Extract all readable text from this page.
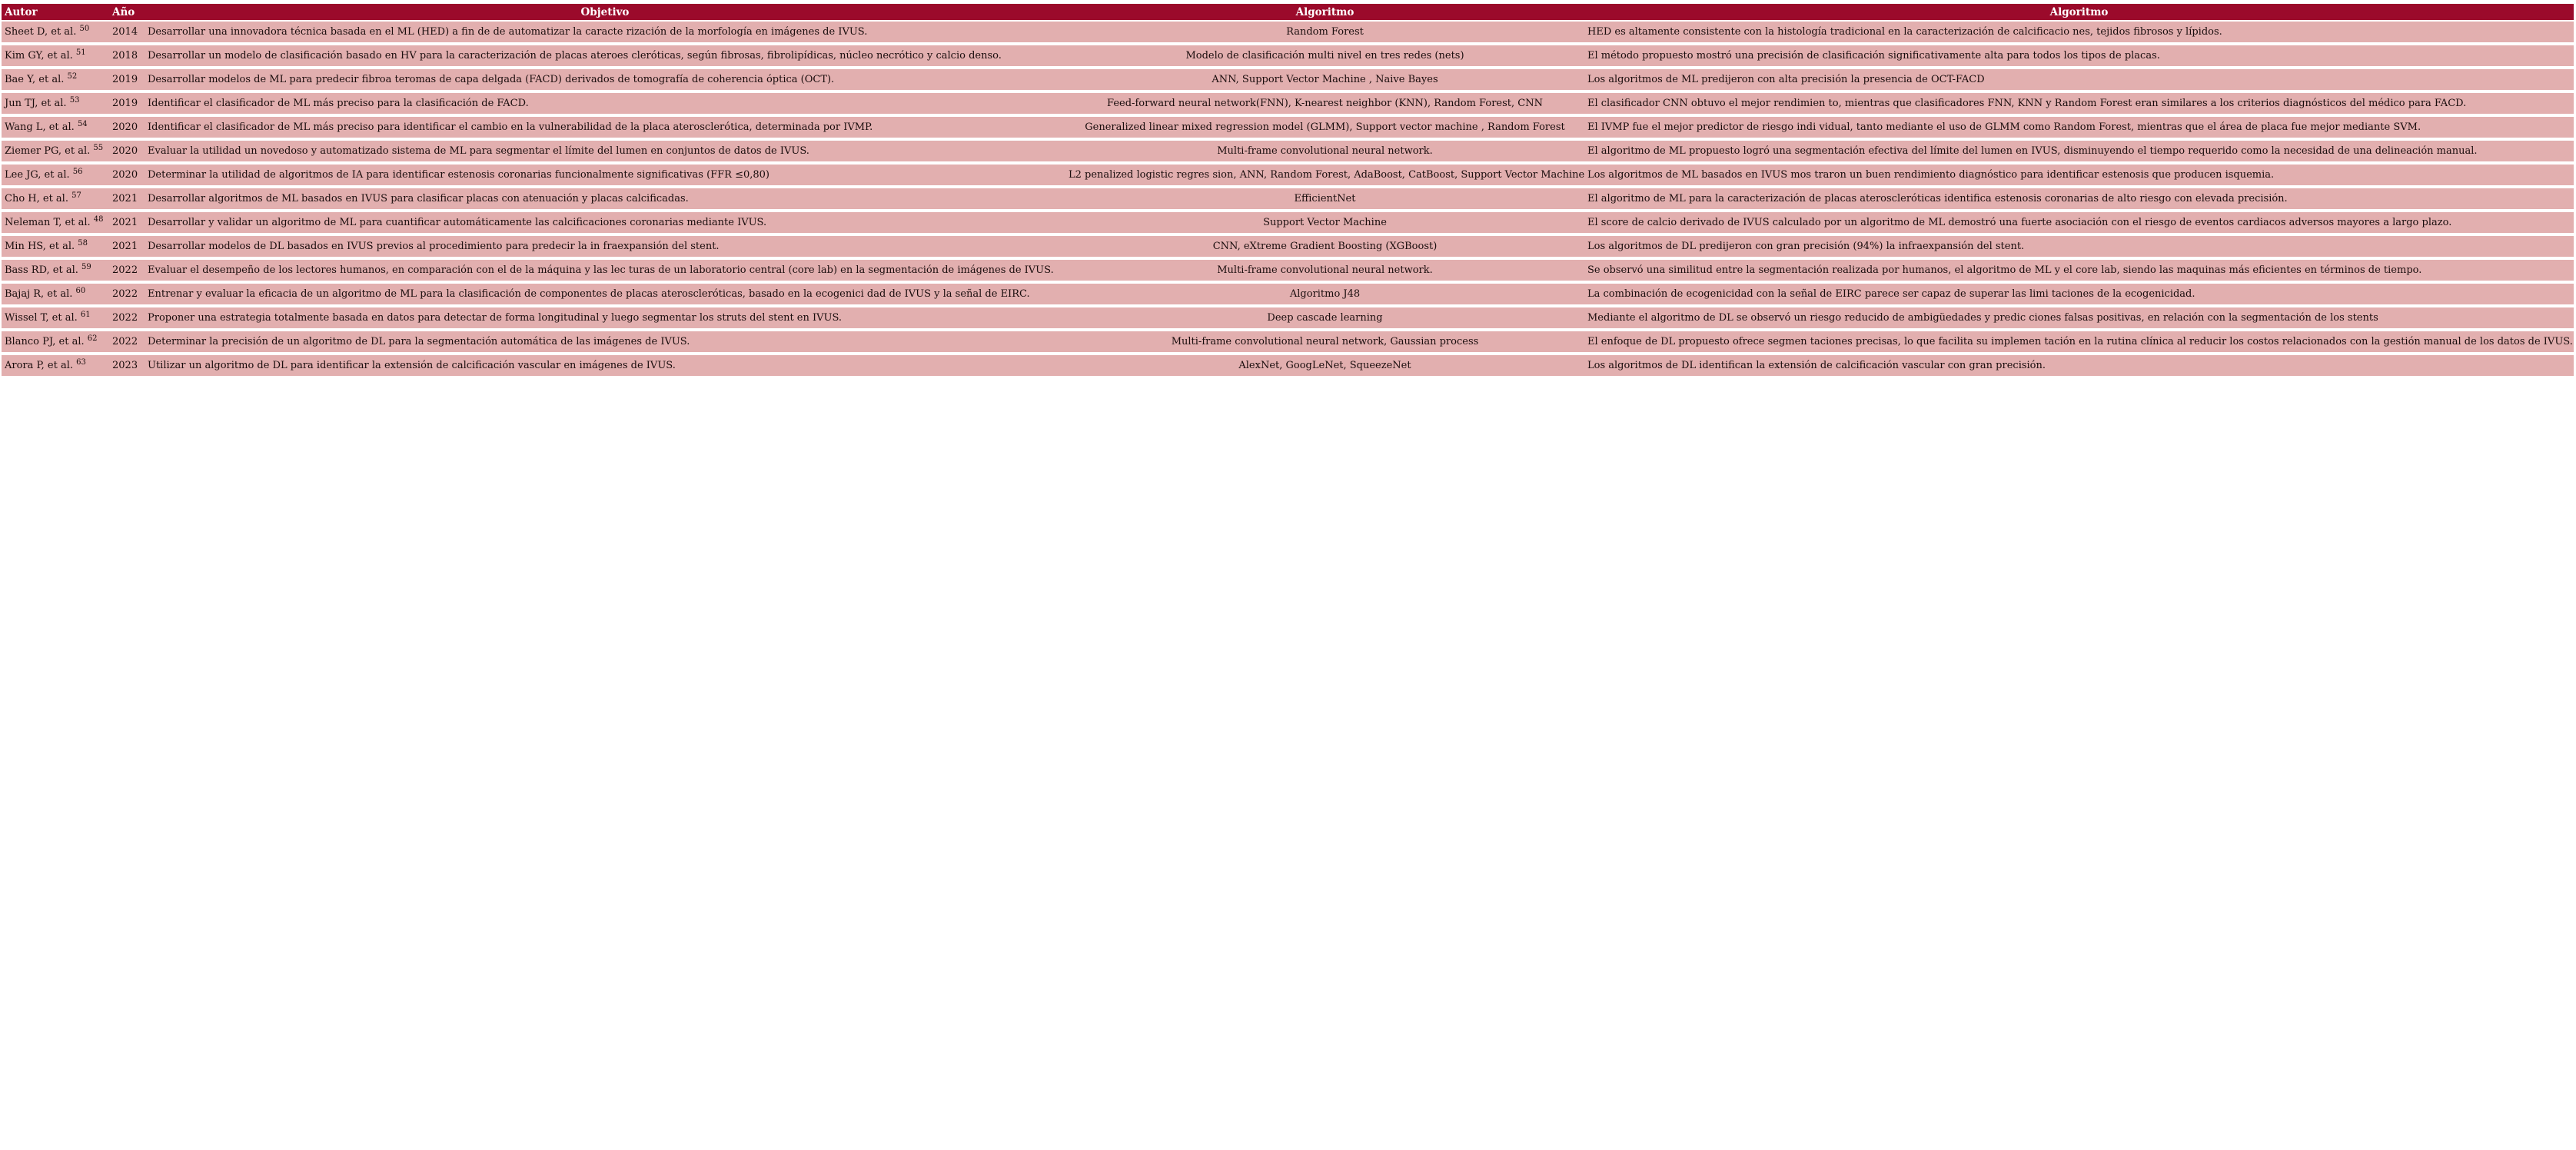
Autor	Año	Objetivo	Algoritmo	Algoritmo
Sheet D, et al. $^{50}$	2014	Desarrollar una innovadora técnica basada en el ML (HED) a fin de de automatizar la caracte rización de la morfología en imágenes de IVUS.	Random Forest	HED es altamente consistente con la histología tradicional en la caracterización de calcificacio nes, tejidos fibrosos y lípidos.
Kim GY, et al. $^{51}$	2018	Desarrollar un modelo de clasificación basado en HV para la caracterización de placas ateroes cleróticas, según fibrosas, fibrolipídicas, núcleo necrótico y calcio denso.	Modelo de clasificación multi nivel en tres redes (nets)	El método propuesto mostró una precisión de clasificación significativamente alta para todos los tipos de placas.
Bae Y, et al. $^{52}$	2019	Desarrollar modelos de ML para predecir fibroa teromas de capa delgada (FACD) derivados de tomografía de coherencia óptica (OCT).	ANN, Support Vector Machine , Naive Bayes	Los algoritmos de ML predijeron con alta precisión la presencia de OCT-FACD
Jun TJ, et al. $^{53}$	2019	Identificar el clasificador de ML más preciso para la clasificación de FACD.	Feed-forward neural network(FNN), K-nearest neighbor (KNN), Random Forest, CNN	El clasificador CNN obtuvo el mejor rendimien to, mientras que clasificadores FNN, KNN y Random Forest eran similares a los criterios diagnósticos del médico para FACD.
Wang L, et al. $^{54}$	2020	Identificar el clasificador de ML más preciso para identificar el cambio en la vulnerabilidad de la placa aterosclerótica, determinada por IVMP.	Generalized linear mixed regression model (GLMM), Support vector machine , Random Forest	El IVMP fue el mejor predictor de riesgo indi vidual, tanto mediante el uso de GLMM como Random Forest, mientras que el área de placa fue mejor mediante SVM.
Ziemer PG, et al. $^{55}$	2020	Evaluar la utilidad un novedoso y automatizado sistema de ML para segmentar el límite del lumen en conjuntos de datos de IVUS.	Multi-frame convolutional neural network.	El algoritmo de ML propuesto logró una segmentación efectiva del límite del lumen en IVUS, disminuyendo el tiempo requerido como la necesidad de una delineación manual.
Lee JG, et al. $^{56}$	2020	Determinar la utilidad de algoritmos de IA para identificar estenosis coronarias funcionalmente significativas (FFR ≤0,80)	L2 penalized logistic regres sion, ANN, Random Forest, AdaBoost, CatBoost, Support Vector Machine	Los algoritmos de ML basados en IVUS mos traron un buen rendimiento diagnóstico para identificar estenosis que producen isquemia.
Cho H, et al. $^{57}$	2021	Desarrollar algoritmos de ML basados en IVUS para clasificar placas con atenuación y placas calcificadas.	EfficientNet	El algoritmo de ML para la caracterización de placas ateroscleróticas identifica estenosis coronarias de alto riesgo con elevada precisión.
Neleman T, et al. $^{48}$	2021	Desarrollar y validar un algoritmo de ML para cuantificar automáticamente las calcificaciones coronarias mediante IVUS.	Support Vector Machine	El score de calcio derivado de IVUS calculado por un algoritmo de ML demostró una fuerte asociación con el riesgo de eventos cardiacos adversos mayores a largo plazo.
Min HS, et al. $^{58}$	2021	Desarrollar modelos de DL basados en IVUS previos al procedimiento para predecir la in fraexpansión del stent.	CNN, eXtreme Gradient Boosting (XGBoost)	Los algoritmos de DL predijeron con gran precisión (94%) la infraexpansión del stent.
Bass RD, et al. $^{59}$	2022	Evaluar el desempeño de los lectores humanos, en comparación con el de la máquina y las lec turas de un laboratorio central (core lab) en la segmentación de imágenes de IVUS.	Multi-frame convolutional neural network.	Se observó una similitud entre la segmentación realizada por humanos, el algoritmo de ML y el core lab, siendo las maquinas más eficientes en términos de tiempo.
Bajaj R, et al. $^{60}$	2022	Entrenar y evaluar la eficacia de un algoritmo de ML para la clasificación de componentes de placas ateroscleróticas, basado en la ecogenici dad de IVUS y la señal de EIRC.	Algoritmo J48	La combinación de ecogenicidad con la señal de EIRC parece ser capaz de superar las limi taciones de la ecogenicidad.
Wissel T, et al. $^{61}$	2022	Proponer una estrategia totalmente basada en datos para detectar de forma longitudinal y luego segmentar los struts del stent en IVUS.	Deep cascade learning	Mediante el algoritmo de DL se observó un riesgo reducido de ambigüedades y predic ciones falsas positivas, en relación con la segmentación de los stents
Blanco PJ, et al. $^{62}$	2022	Determinar la precisión de un algoritmo de DL para la segmentación automática de las imágenes de IVUS.	Multi-frame convolutional neural network, Gaussian process	El enfoque de DL propuesto ofrece segmen taciones precisas, lo que facilita su implemen tación en la rutina clínica al reducir los costos relacionados con la gestión manual de los datos de IVUS.
Arora P, et al. $^{63}$	2023	Utilizar un algoritmo de DL para identificar la extensión de calcificación vascular en imágenes de IVUS.	AlexNet, GoogLeNet, SqueezeNet	Los algoritmos de DL identifican la extensión de calcificación vascular con gran precisión.
